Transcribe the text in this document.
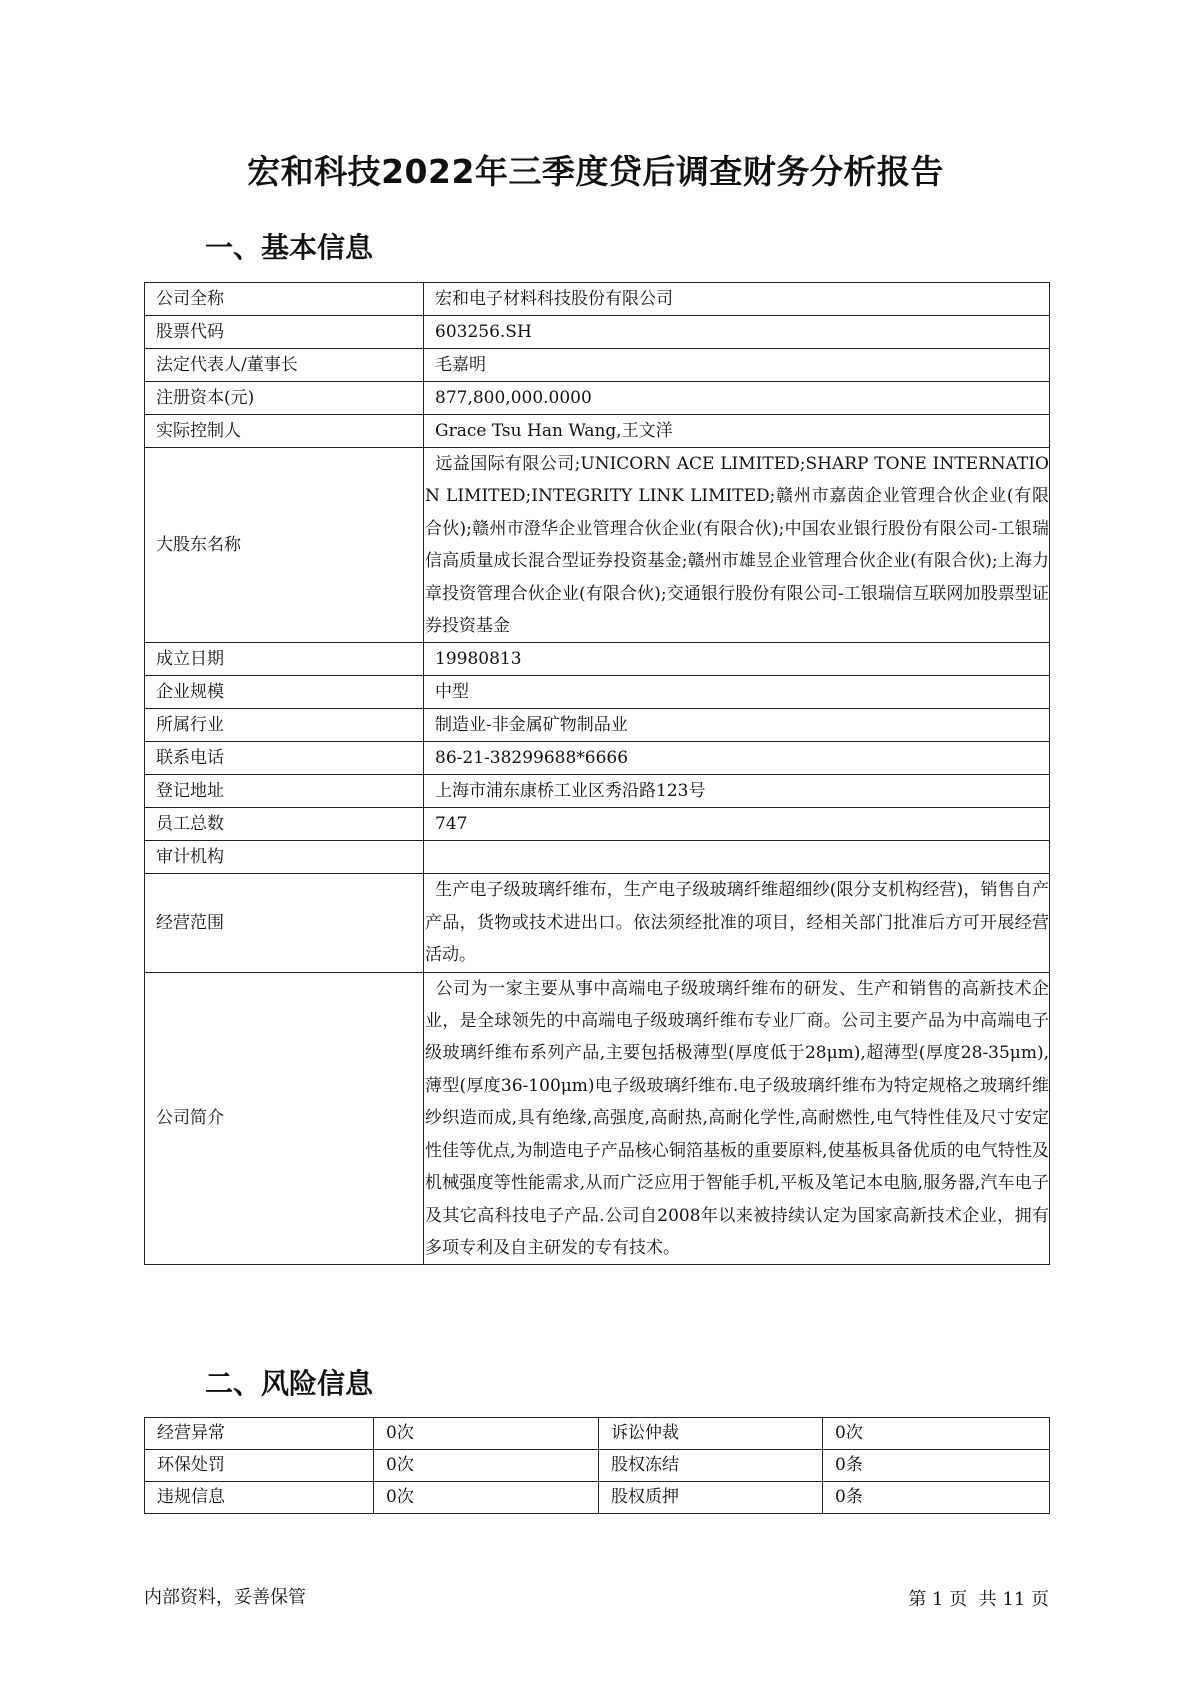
宏和科技2022年三季度贷后调查财务分析报告
一、基本信息
公司全称	宏和电子材料科技股份有限公司
股票代码	603256.SH
法定代表人/董事长	毛嘉明
注册资本(元)	877,800,000.0000
实际控制人	Grace Tsu Han Wang,王文洋
大股东名称	远益国际有限公司;UNICORN ACE LIMITED;SHARP TONE INTERNATION LIMITED;INTEGRITY LINK LIMITED;赣州市嘉茵企业管理合伙企业(有限合伙);赣州市澄华企业管理合伙企业(有限合伙);中国农业银行股份有限公司-工银瑞信高质量成长混合型证券投资基金;赣州市雄昱企业管理合伙企业(有限合伙);上海力章投资管理合伙企业(有限合伙);交通银行股份有限公司-工银瑞信互联网加股票型证券投资基金
成立日期	19980813
企业规模	中型
所属行业	制造业-非金属矿物制品业
联系电话	86-21-38299688*6666
登记地址	上海市浦东康桥工业区秀沿路123号
员工总数	747
审计机构	
经营范围	生产电子级玻璃纤维布，生产电子级玻璃纤维超细纱(限分支机构经营)，销售自产产品，货物或技术进出口。依法须经批准的项目，经相关部门批准后方可开展经营活动。
公司简介	公司为一家主要从事中高端电子级玻璃纤维布的研发、生产和销售的高新技术企业，是全球领先的中高端电子级玻璃纤维布专业厂商。公司主要产品为中高端电子级玻璃纤维布系列产品,主要包括极薄型(厚度低于28μm),超薄型(厚度28-35μm),薄型(厚度36-100μm)电子级玻璃纤维布.电子级玻璃纤维布为特定规格之玻璃纤维纱织造而成,具有绝缘,高强度,高耐热,高耐化学性,高耐燃性,电气特性佳及尺寸安定性佳等优点,为制造电子产品核心铜箔基板的重要原料,使基板具备优质的电气特性及机械强度等性能需求,从而广泛应用于智能手机,平板及笔记本电脑,服务器,汽车电子及其它高科技电子产品.公司自2008年以来被持续认定为国家高新技术企业，拥有多项专利及自主研发的专有技术。
二、风险信息
经营异常	0次	诉讼仲裁	0次
环保处罚	0次	股权冻结	0条
违规信息	0次	股权质押	0条
内部资料，妥善保管	第 1 页  共 11 页
